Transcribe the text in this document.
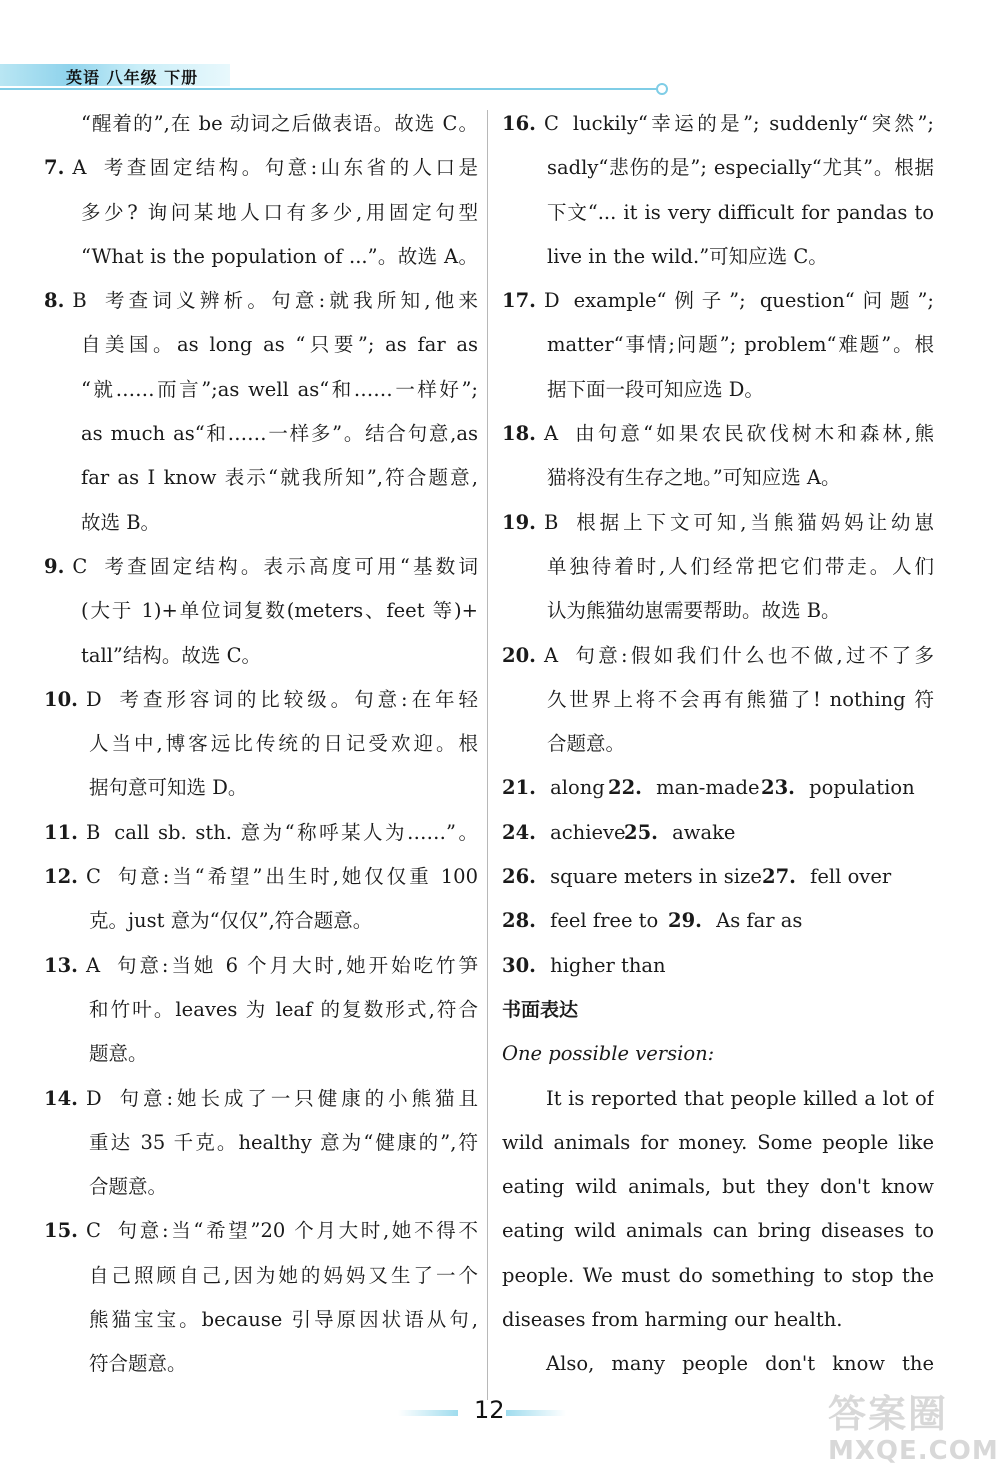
英语 八年级 下册
“醒着的”,在 be 动词之后做表语。故选 C。
7. A 考查固定结构。句意:山东省的人口是
多少? 询问某地人口有多少,用固定句型
“What is the population of ...”。故选 A。
8. B 考查词义辨析。句意:就我所知,他来
自美国。as long as “只要”; as far as
“就……而言”;as well as“和……一样好”;
as much as“和……一样多”。结合句意,as
far as I know 表示“就我所知”,符合题意,
故选 B。
9. C 考查固定结构。表示高度可用“基数词
(大于 1)+单位词复数(meters、feet 等)+
tall”结构。故选 C。
10. D 考查形容词的比较级。句意:在年轻
人当中,博客远比传统的日记受欢迎。根
据句意可知选 D。
11. B call sb. sth. 意为“称呼某人为……”。
12. C 句意:当“希望”出生时,她仅仅重 100
克。just 意为“仅仅”,符合题意。
13. A 句意:当她 6 个月大时,她开始吃竹笋
和竹叶。leaves 为 leaf 的复数形式,符合
题意。
14. D 句意:她长成了一只健康的小熊猫且
重达 35 千克。healthy 意为“健康的”,符
合题意。
15. C 句意:当“希望”20 个月大时,她不得不
自己照顾自己,因为她的妈妈又生了一个
熊猫宝宝。because 引导原因状语从句,
符合题意。
16. C luckily“幸运的是”; suddenly“突然”;
sadly“悲伤的是”; especially“尤其”。根据
下文“... it is very difficult for pandas to
live in the wild.”可知应选 C。
17. D example“例子”; question“问题”;
matter“事情;问题”; problem“难题”。根
据下面一段可知应选 D。
18. A 由句意“如果农民砍伐树木和森林,熊
猫将没有生存之地。”可知应选 A。
19. B 根据上下文可知,当熊猫妈妈让幼崽
单独待着时,人们经常把它们带走。人们
认为熊猫幼崽需要帮助。故选 B。
20. A 句意:假如我们什么也不做,过不了多
久世界上将不会再有熊猫了! nothing 符
合题意。
21. along 22. man-made23. population
24. achieve25. awake
26. square meters in size27. fell over
28. feel free to 29. As far as
30. higher than
书面表达
One possible version:
It is reported that people killed a lot of
wild animals for money. Some people like
eating wild animals, but they don't know
eating wild animals can bring diseases to
people. We must do something to stop the
diseases from harming our health.
Also, many people don't know the
12	答案圈
MXQE.COM
